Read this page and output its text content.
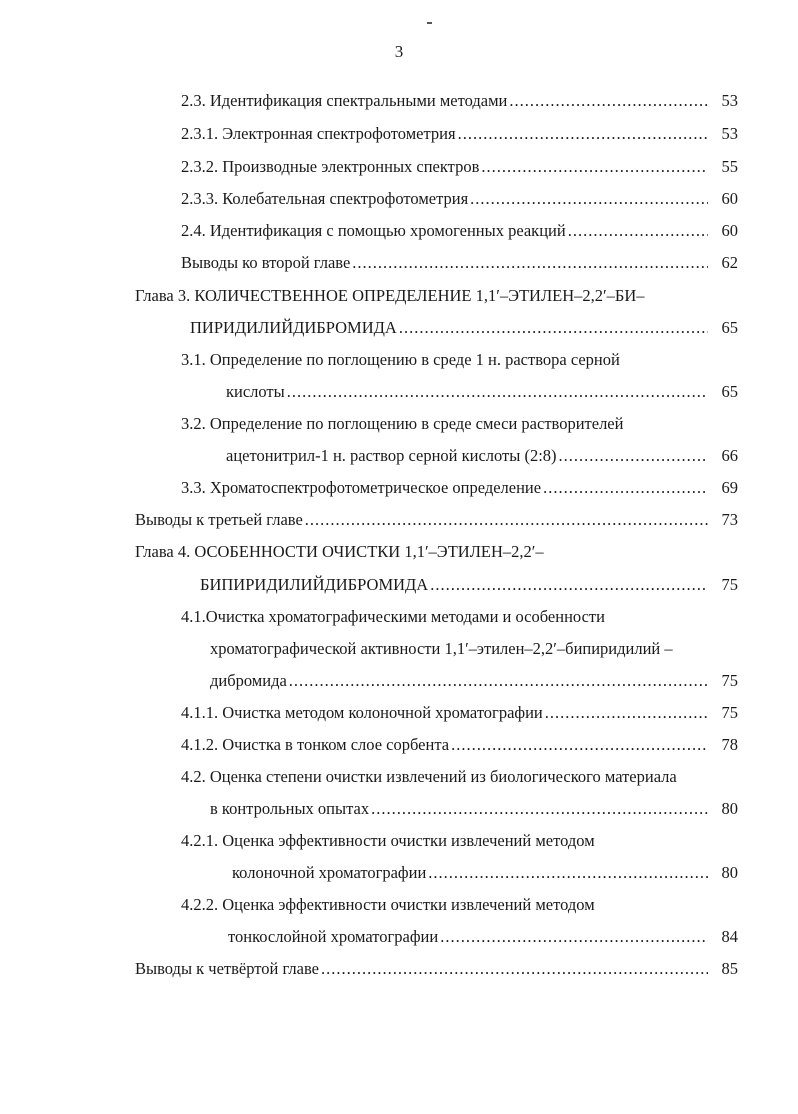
3
2.3. Идентификация спектральными методами .....	53
2.3.1. Электронная спектрофотометрия .....	53
2.3.2. Производные электронных спектров .....	55
2.3.3. Колебательная спектрофотометрия .....	60
2.4. Идентификация с помощью хромогенных реакций .....	60
Выводы ко второй главе .....	62
Глава 3. КОЛИЧЕСТВЕННОЕ ОПРЕДЕЛЕНИЕ 1,1′–ЭТИЛЕН–2,2′–БИ–
ПИРИДИЛИЙДИБРОМИДА .....	65
3.1. Определение по поглощению в среде 1 н. раствора серной
кислоты .....	65
3.2. Определение по поглощению в среде смеси растворителей
ацетонитрил-1 н. раствор серной кислоты (2:8) .....	66
3.3. Хроматоспектрофотометрическое определение .....	69
Выводы к третьей главе .....	73
Глава 4. ОСОБЕННОСТИ ОЧИСТКИ 1,1′–ЭТИЛЕН–2,2′–
БИПИРИДИЛИЙДИБРОМИДА .....	75
4.1.Очистка хроматографическими методами и особенности
хроматографической активности 1,1′–этилен–2,2′–бипиридилий –
дибромида .....	75
4.1.1. Очистка методом колоночной хроматографии .....	75
4.1.2. Очистка в тонком слое сорбента .....	78
4.2. Оценка степени очистки извлечений из биологического материала
в контрольных опытах .....	80
4.2.1. Оценка эффективности очистки извлечений методом
колоночной хроматографии .....	80
4.2.2. Оценка эффективности очистки извлечений методом
тонкослойной хроматографии .....	84
Выводы к четвёртой главе .....	85
